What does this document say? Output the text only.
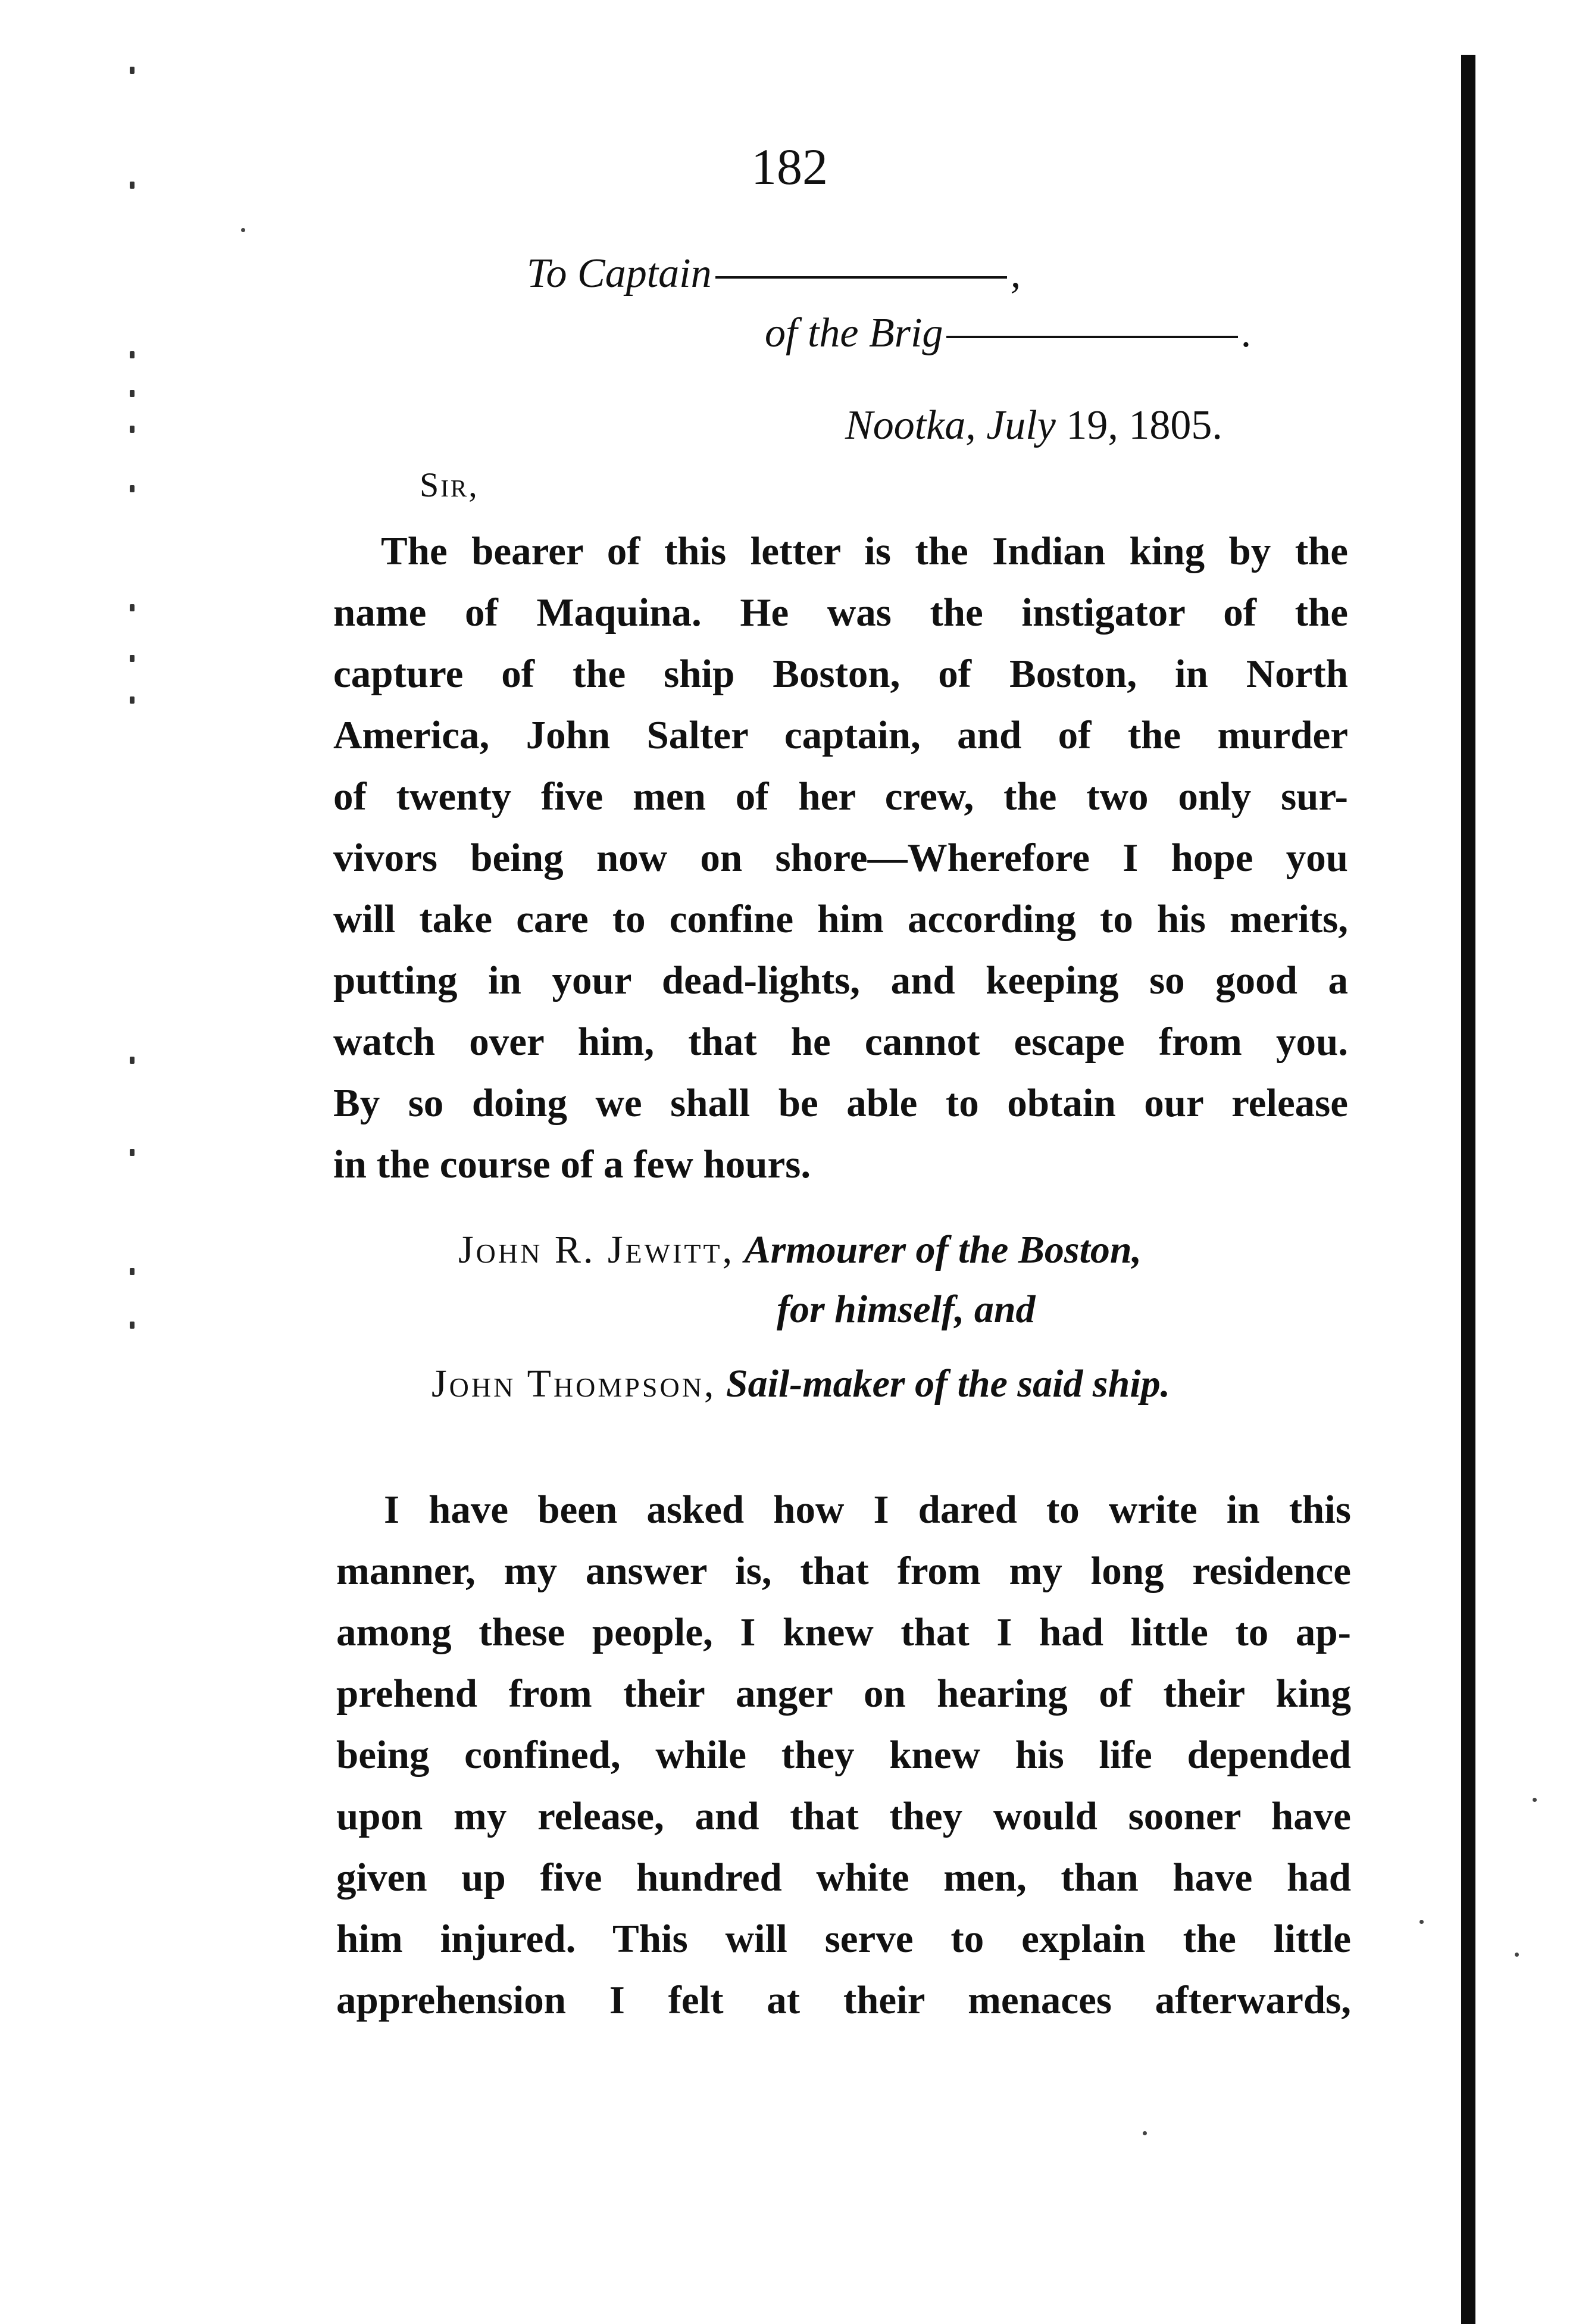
182
To Captain	,
of the Brig	.
Nootka, July 19, 1805.
Sir,
The bearer of this letter is the Indian king by the
name of Maquina. He was the instigator of the
capture of the ship Boston, of Boston, in North
America, John Salter captain, and of the murder
of twenty five men of her crew, the two only sur-
vivors being now on shore—Wherefore I hope you
will take care to confine him according to his merits,
putting in your dead-lights, and keeping so good a
watch over him, that he cannot escape from you.
By so doing we shall be able to obtain our release
in the course of a few hours.
John R. Jewitt, Armourer of the Boston,
for himself, and
John Thompson, Sail-maker of the said ship.
I have been asked how I dared to write in this
manner, my answer is, that from my long residence
among these people, I knew that I had little to ap-
prehend from their anger on hearing of their king
being confined, while they knew his life depended
upon my release, and that they would sooner have
given up five hundred white men, than have had
him injured. This will serve to explain the little
apprehension I felt at their menaces afterwards,
